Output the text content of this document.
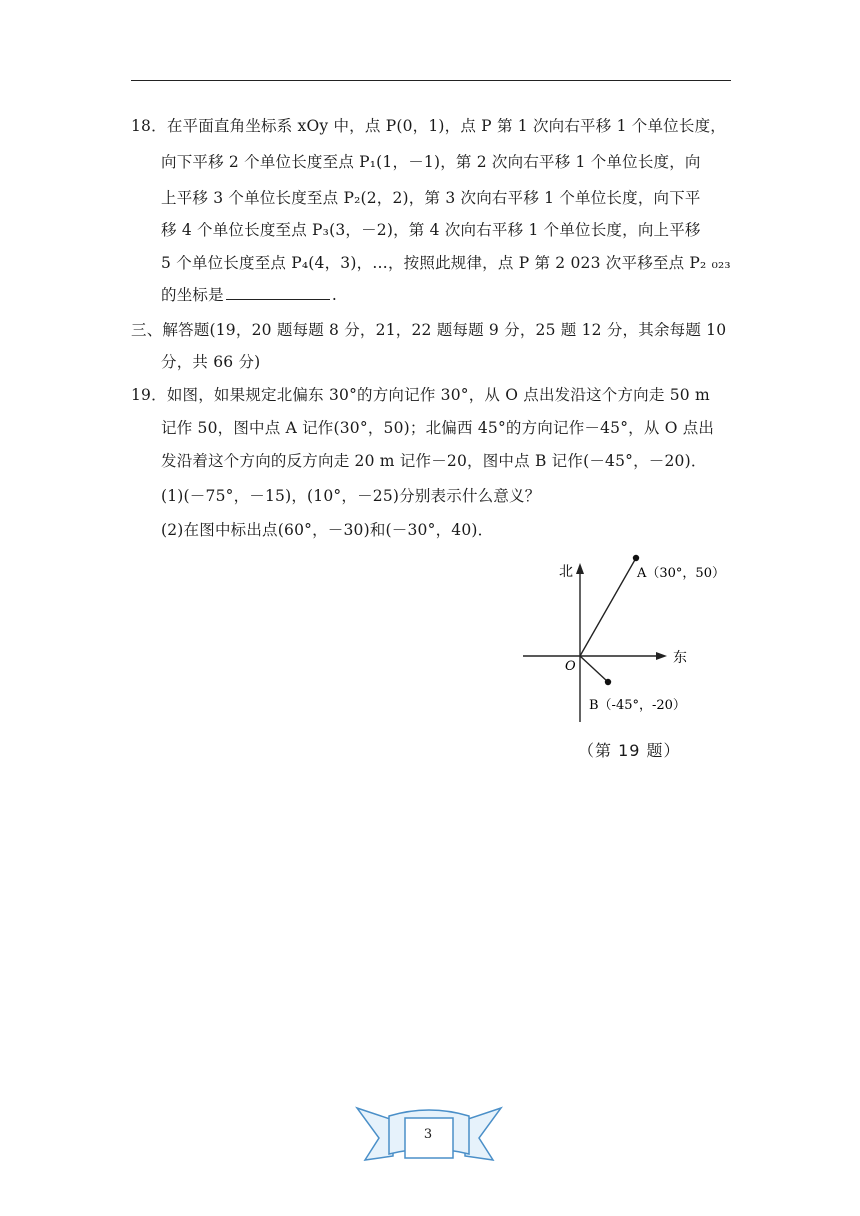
18．在平面直角坐标系 xOy 中，点 P(0，1)，点 P 第 1 次向右平移 1 个单位长度，
向下平移 2 个单位长度至点 P₁(1，－1)，第 2 次向右平移 1 个单位长度，向
上平移 3 个单位长度至点 P₂(2，2)，第 3 次向右平移 1 个单位长度，向下平
移 4 个单位长度至点 P₃(3，－2)，第 4 次向右平移 1 个单位长度，向上平移
5 个单位长度至点 P₄(4，3)，…，按照此规律，点 P 第 2 023 次平移至点 P₂ ₀₂₃
的坐标是	.
三、解答题(19，20 题每题 8 分，21，22 题每题 9 分，25 题 12 分，其余每题 10
分，共 66 分)
19．如图，如果规定北偏东 30°的方向记作 30°，从 O 点出发沿这个方向走 50 m
记作 50，图中点 A 记作(30°，50)；北偏西 45°的方向记作－45°，从 O 点出
发沿着这个方向的反方向走 20 m 记作－20，图中点 B 记作(－45°，－20)．
(1)(－75°，－15)，(10°，－25)分别表示什么意义？
(2)在图中标出点(60°，－30)和(－30°，40)．
北
东
O
A（30°，50）
B（-45°，-20）
（第 19 题）
3
